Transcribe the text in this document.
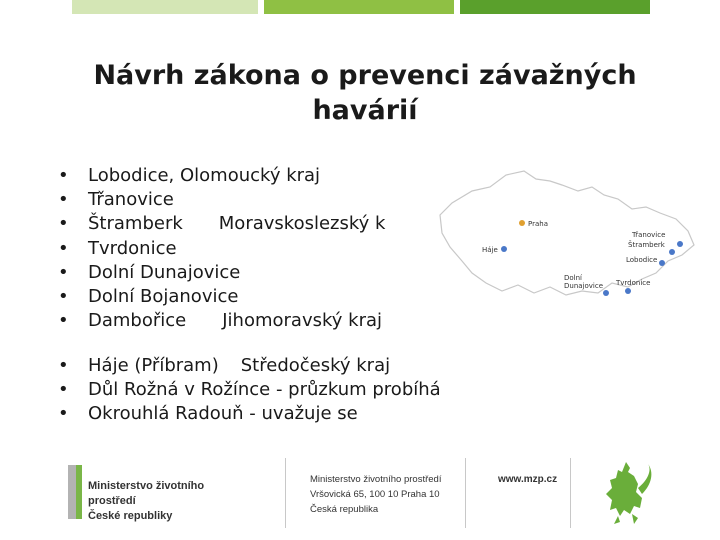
Návrh zákona o prevenci závažných
havárií
• Lobodice, Olomoucký kraj
• Třanovice
• Štramberk Moravskoslezský k
• Tvrdonice
• Dolní Dunajovice
• Dolní Bojanovice
• Dambořice Jihomoravský kraj
• Háje (Příbram) Středočeský kraj
• Důl Rožná v Rožínce - průzkum probíhá
• Okrouhlá Radouň - uvažuje se
Praha
Háje
Třanovice
Štramberk
Lobodice
Dolní
Dunajovice Tvrdonice
Ministerstvo životního prostředí
České republiky
Ministerstvo životního prostředí
Vršovická 65, 100 10 Praha 10
Česká republika
www.mzp.cz
